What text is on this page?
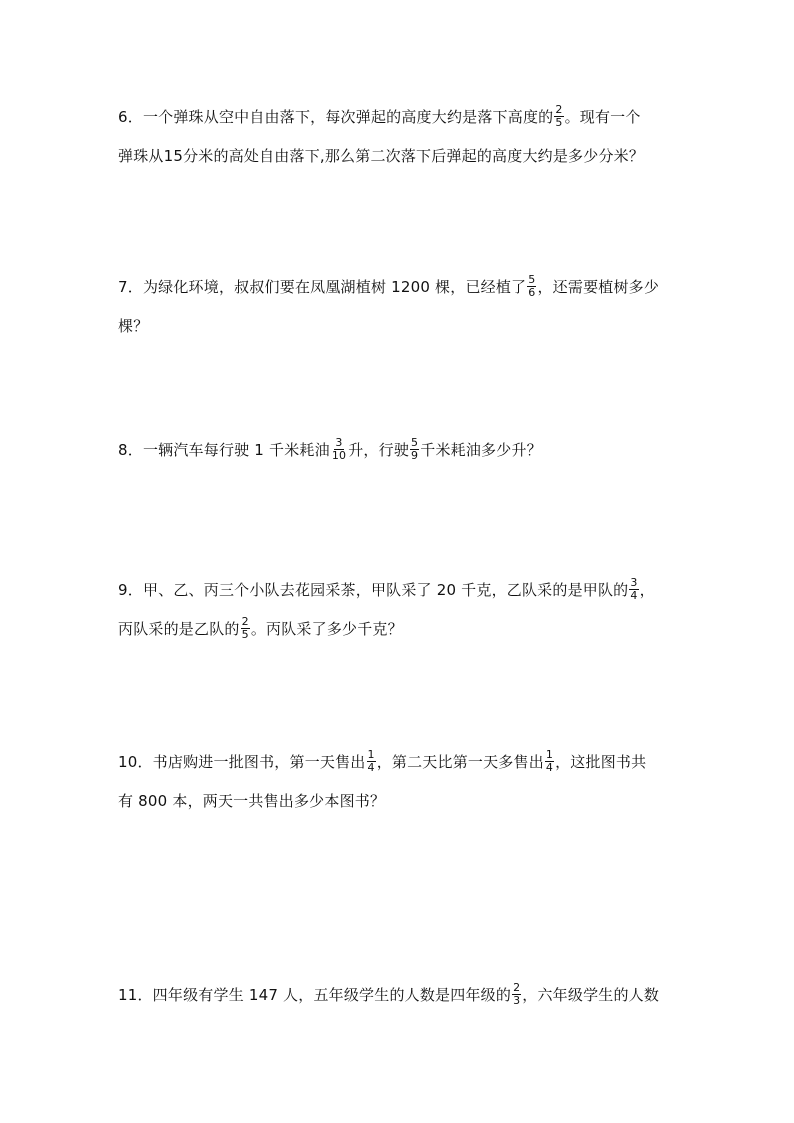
6．一个弹珠从空中自由落下，每次弹起的高度大约是落下高度的 $\frac{2}{5}$ 。现有一个
弹珠从15分米的高处自由落下,那么第二次落下后弹起的高度大约是多少分米？
7．为绿化环境，叔叔们要在凤凰湖植树 1200 棵，已经植了 $\frac{5}{6}$ ，还需要植树多少
棵？
8．一辆汽车每行驶 1 千米耗油 $\frac{3}{10}$ 升，行驶 $\frac{5}{9}$ 千米耗油多少升？
9．甲、乙、丙三个小队去花园采茶，甲队采了 20 千克，乙队采的是甲队的 $\frac{3}{4}$ ，
丙队采的是乙队的 $\frac{2}{5}$ 。丙队采了多少千克？
10．书店购进一批图书，第一天售出 $\frac{1}{4}$ ，第二天比第一天多售出 $\frac{1}{4}$ ，这批图书共
有 800 本，两天一共售出多少本图书？
11．四年级有学生 147 人，五年级学生的人数是四年级的 $\frac{2}{3}$ ，六年级学生的人数
